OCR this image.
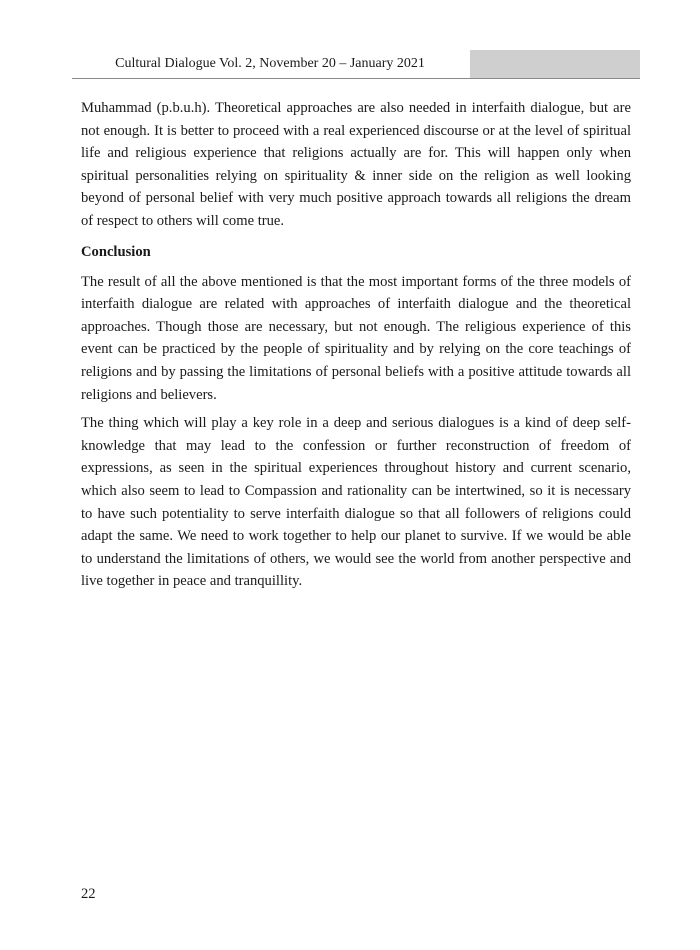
Cultural Dialogue Vol. 2, November 20 – January 2021

Muhammad (p.b.u.h). Theoretical approaches are also needed in interfaith dialogue, but are not enough. It is better to proceed with a real experienced discourse or at the level of spiritual life and religious experience that religions actually are for. This will happen only when spiritual personalities relying on spirituality & inner side on the religion as well looking beyond of personal belief with very much positive approach towards all religions the dream of respect to others will come true.

Conclusion

The result of all the above mentioned is that the most important forms of the three models of interfaith dialogue are related with approaches of interfaith dialogue and the theoretical approaches. Though those are necessary, but not enough. The religious experience of this event can be practiced by the people of spirituality and by relying on the core teachings of religions and by passing the limitations of personal beliefs with a positive attitude towards all religions and believers.

The thing which will play a key role in a deep and serious dialogues is a kind of deep self-knowledge that may lead to the confession or further reconstruction of freedom of expressions, as seen in the spiritual experiences throughout history and current scenario, which also seem to lead to Compassion and rationality can be intertwined, so it is necessary to have such potentiality to serve interfaith dialogue so that all followers of religions could adapt the same. We need to work together to help our planet to survive. If we would be able to understand the limitations of others, we would see the world from another perspective and live together in peace and tranquillity.

22
